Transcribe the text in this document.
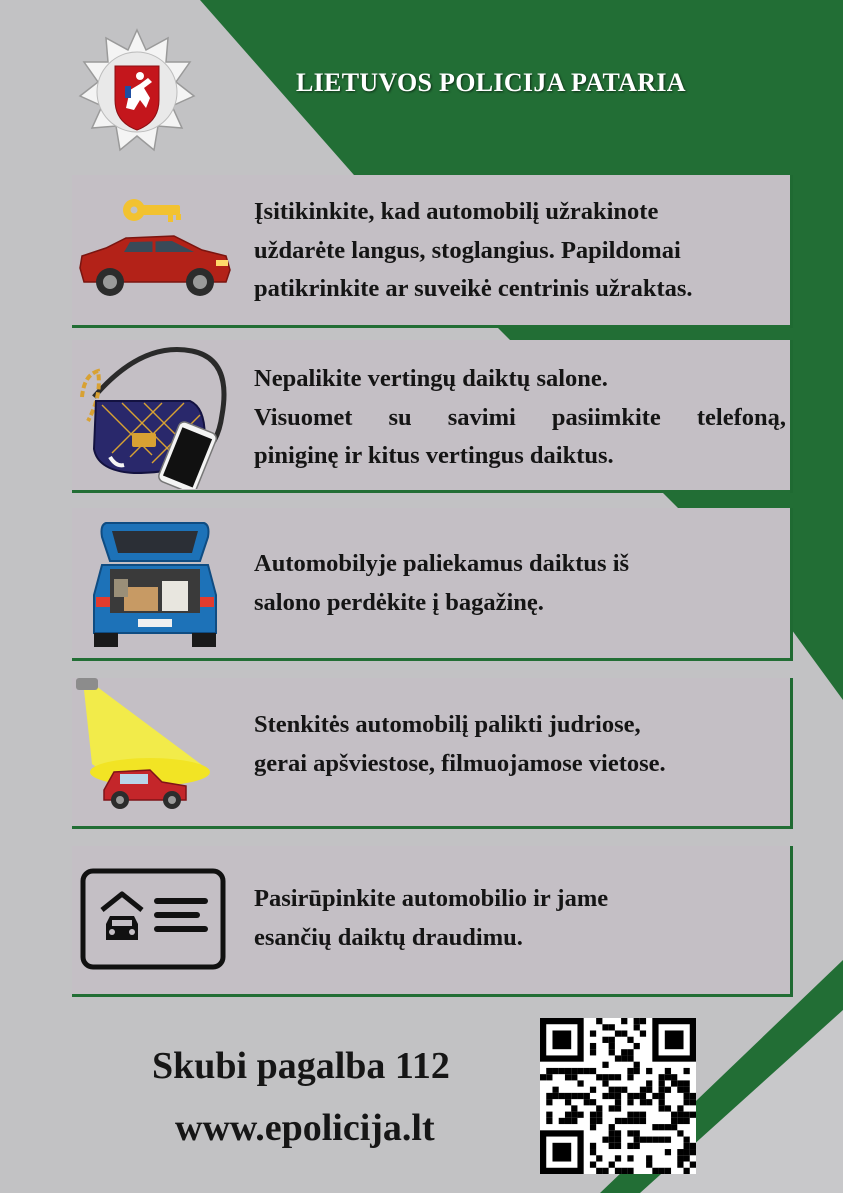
LIETUVOS POLICIJA PATARIA
Įsitikinkite, kad automobilį užrakinote
uždarėte langus, stoglangius. Papildomai
patikrinkite ar suveikė centrinis užraktas.
Nepalikite vertingų daiktų salone.
Visuomet su savimi pasiimkite telefoną,
piniginę ir kitus vertingus daiktus.
Automobilyje paliekamus daiktus iš
salono perdėkite į bagažinę.
Stenkitės automobilį palikti judriose,
gerai apšviestose, filmuojamose vietose.
Pasirūpinkite automobilio ir jame
esančių daiktų draudimu.
Skubi pagalba 112
www.epolicija.lt
